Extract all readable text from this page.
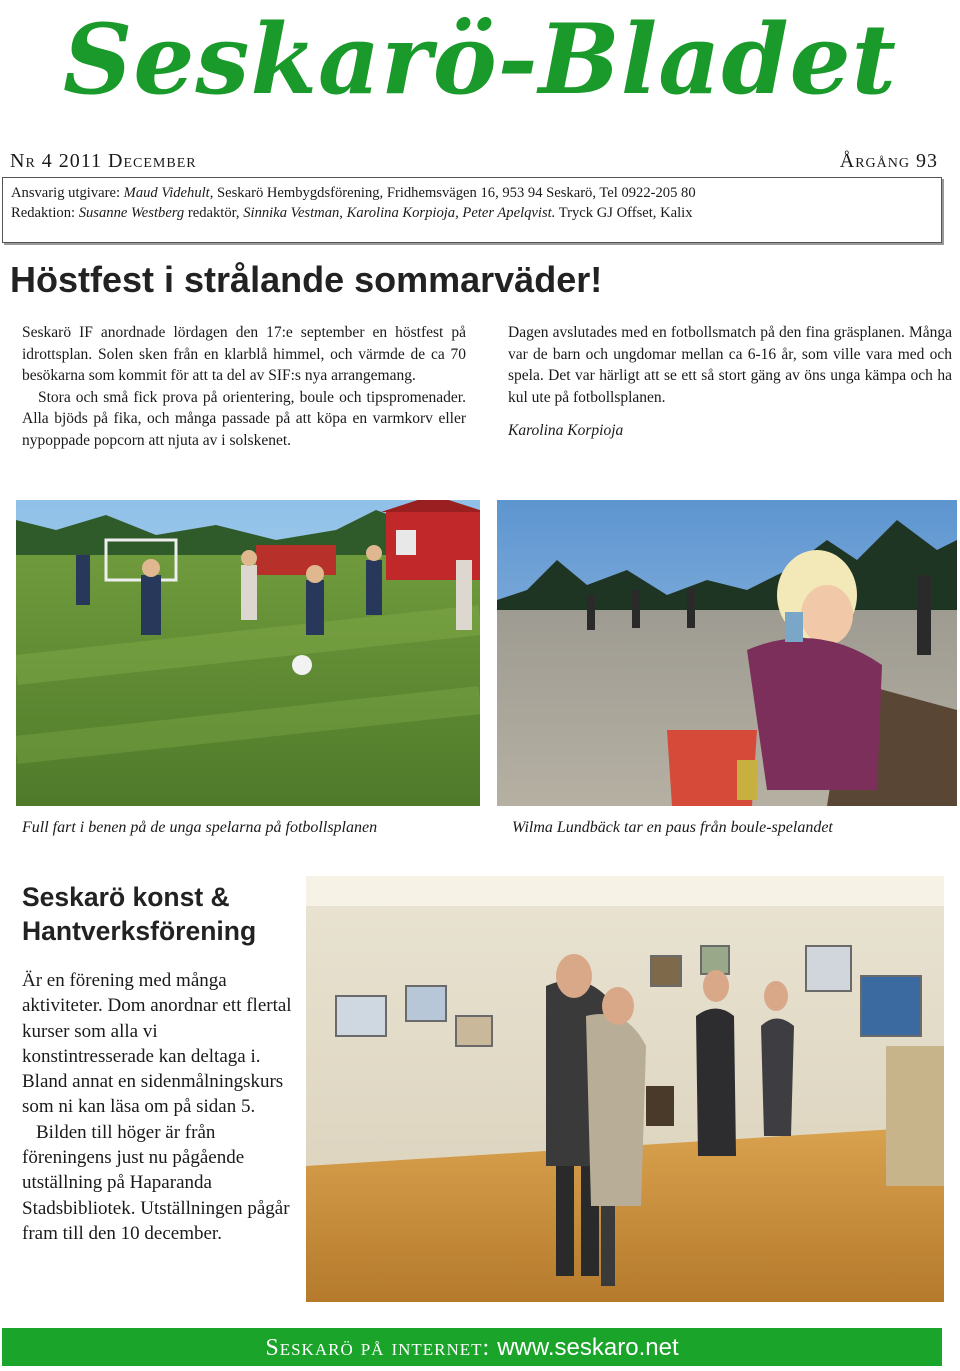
Seskarö-Bladet
Nr 4 2011 December	Årgång 93
Ansvarig utgivare: Maud Videhult, Seskarö Hembygdsförening, Fridhemsvägen 16, 953 94 Seskarö, Tel 0922-205 80
Redaktion: Susanne Westberg redaktör, Sinnika Vestman, Karolina Korpioja, Peter Apelqvist. Tryck GJ Offset, Kalix
Höstfest i strålande sommarväder!

Seskarö IF anordnade lördagen den 17:e september en höstfest på idrottsplan. Solen sken från en klarblå himmel, och värmde de ca 70 besökarna som kommit för att ta del av SIF:s nya arrangemang.

Stora och små fick prova på orientering, boule och tipspromenader. Alla bjöds på fika, och många passade på att köpa en varmkorv eller nypoppade popcorn att njuta av i solskenet.

Dagen avslutades med en fotbollsmatch på den fina gräsplanen. Många var de barn och ungdomar mellan ca 6-16 år, som ville vara med och spela. Det var härligt att se ett så stort gäng av öns unga kämpa och ha kul ute på fotbollsplanen.

Karolina Korpioja

Full fart i benen på de unga spelarna på fotbollsplanen	Wilma Lundbäck tar en paus från boule-spelandet
Seskarö konst & Hantverksförening

Är en förening med många aktiviteter. Dom anordnar ett flertal kurser som alla vi konstintresserade kan deltaga i. Bland annat en sidenmålningskurs som ni kan läsa om på sidan 5.

Bilden till höger är från föreningens just nu pågående utställning på Haparanda Stadsbibliotek. Utställningen pågår fram till den 10 december.

Seskarö på internet: www.seskaro.net
